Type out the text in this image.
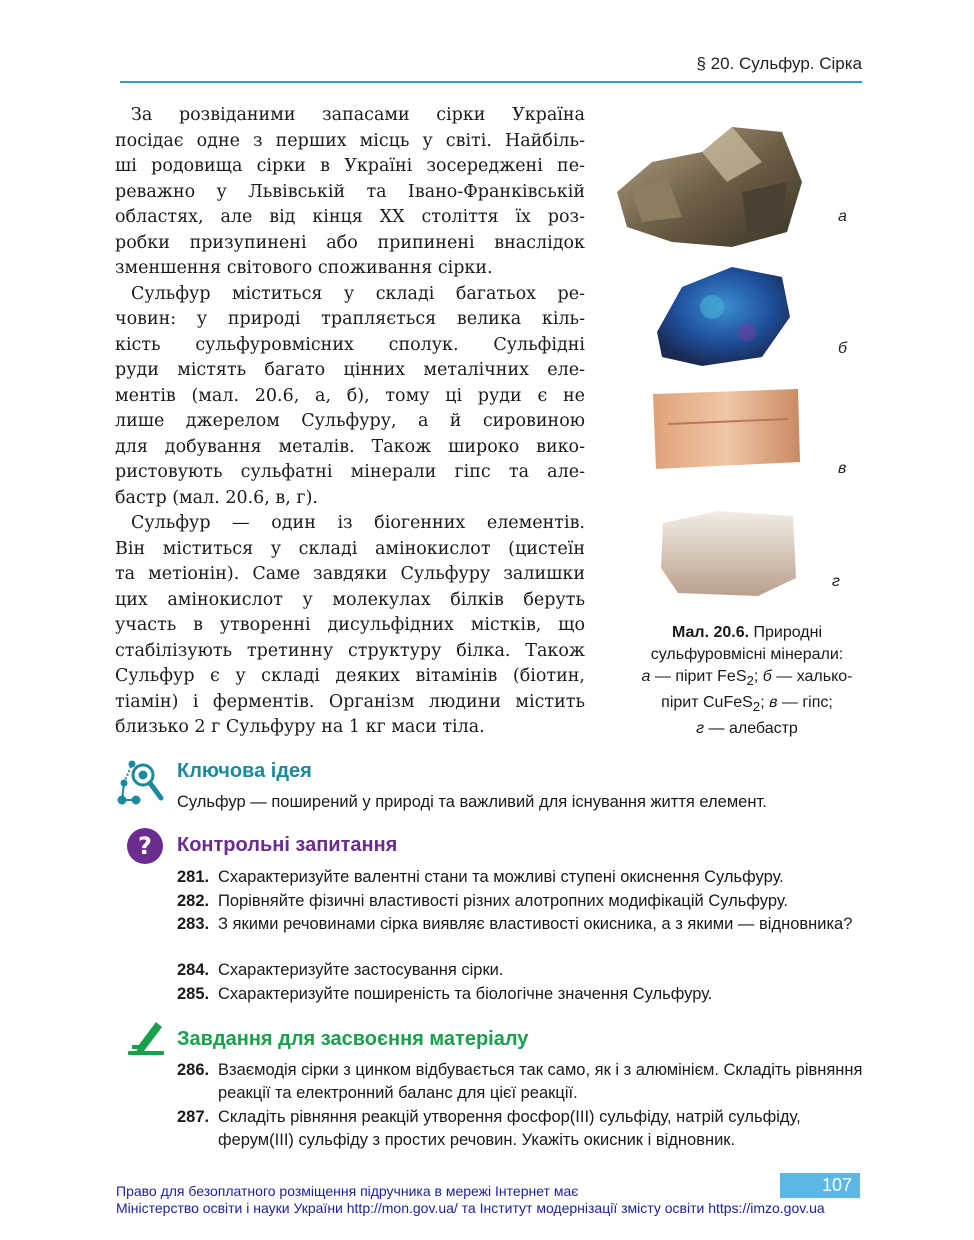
§ 20. Сульфур. Сірка
За розвіданими запасами сірки Україна
посідає одне з перших місць у світі. Найбіль-
ші родовища сірки в Україні зосереджені пе-
реважно у Львівській та Івано-Франківській
областях, але від кінця XX століття їх роз-
робки призупинені або припинені внаслідок
зменшення світового споживання сірки.
Сульфур міститься у складі багатьох ре-
човин: у природі трапляється велика кіль-
кість сульфуровмісних сполук. Сульфідні
руди містять багато цінних металічних еле-
ментів (мал. 20.6, а, б), тому ці руди є не
лише джерелом Сульфуру, а й сировиною
для добування металів. Також широко вико-
ристовують сульфатні мінерали гіпс та але-
бастр (мал. 20.6, в, г).
Сульфур — один із біогенних елементів.
Він міститься у складі амінокислот (цистеїн
та метіонін). Саме завдяки Сульфуру залишки
цих амінокислот у молекулах білків беруть
участь в утворенні дисульфідних містків, що
стабілізують третинну структуру білка. Також
Сульфур є у складі деяких вітамінів (біотин,
тіамін) і ферментів. Організм людини містить
близько 2 г Сульфуру на 1 кг маси тіла.
а
б
в
г
Мал. 20.6. Природні
сульфуровмісні мінерали:
а — пірит FeS$_2$; б — халько-
пірит CuFeS$_2$; в — гіпс;
г — алебастр
Ключова ідея
Сульфур — поширений у природі та важливий для існування життя елемент.
? Контрольні запитання
281. Схарактеризуйте валентні стани та можливі ступені окиснення Сульфуру.
282. Порівняйте фізичні властивості різних алотропних модифікацій Сульфуру.
283. З якими речовинами сірка виявляє властивості окисника, а з якими — відновника?
284. Схарактеризуйте застосування сірки.
285. Схарактеризуйте поширеність та біологічне значення Сульфуру.
Завдання для засвоєння матеріалу
286. Взаємодія сірки з цинком відбувається так само, як і з алюмінієм. Складіть рівняння реакції та електронний баланс для цієї реакції.
287. Складіть рівняння реакцій утворення фосфор(ІІІ) сульфіду, натрій сульфіду, ферум(ІІІ) сульфіду з простих речовин. Укажіть окисник і відновник.
107
Право для безоплатного розміщення підручника в мережі Інтернет має
Міністерство освіти і науки України http://mon.gov.ua/ та Інститут модернізації змісту освіти https://imzo.gov.ua
